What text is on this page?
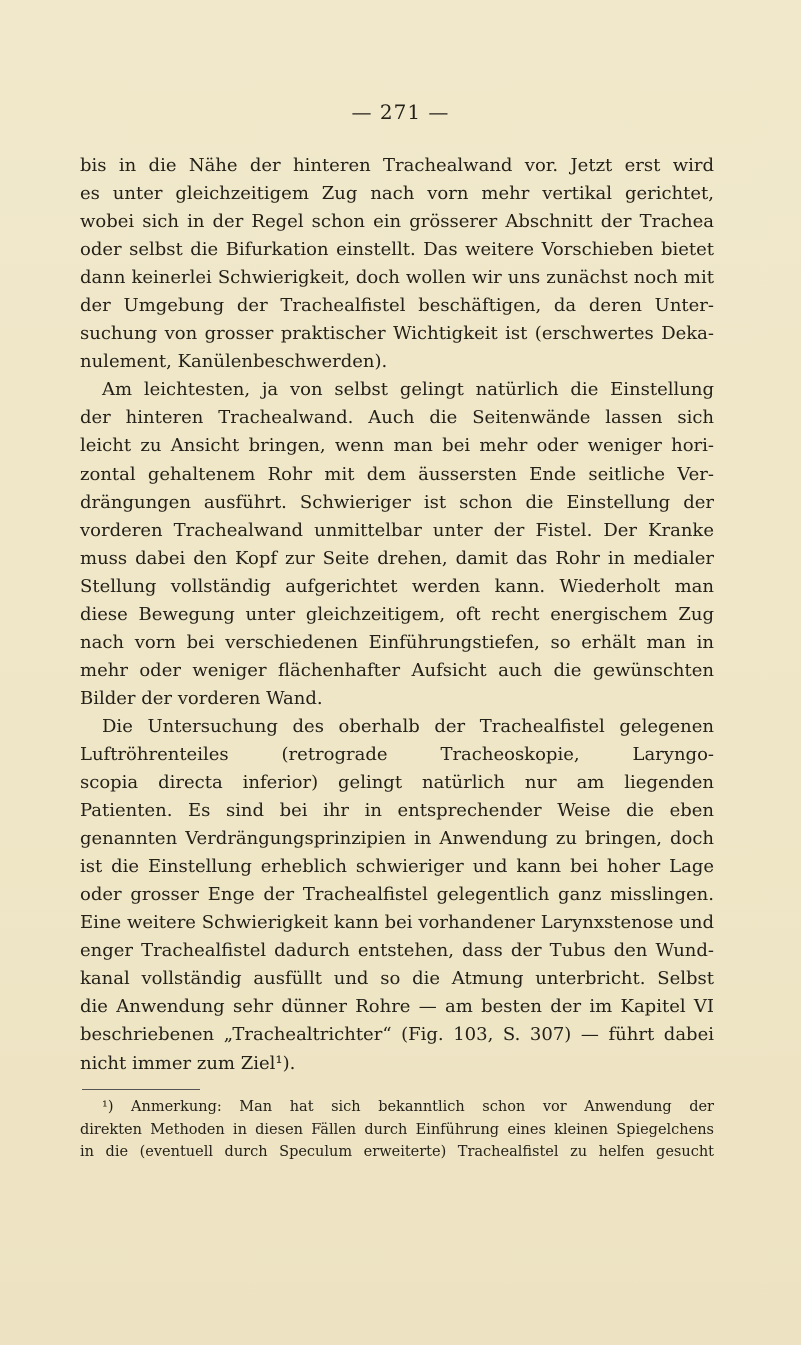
— 271 —
bis in die Nähe der hinteren Trachealwand vor. Jetzt erst wird
es unter gleichzeitigem Zug nach vorn mehr vertikal gerichtet,
wobei sich in der Regel schon ein grösserer Abschnitt der Trachea
oder selbst die Bifurkation einstellt. Das weitere Vorschieben bietet
dann keinerlei Schwierigkeit, doch wollen wir uns zunächst noch mit
der Umgebung der Trachealfistel beschäftigen, da deren Unter-
suchung von grosser praktischer Wichtigkeit ist (erschwertes Deka-
nulement, Kanülenbeschwerden).
Am leichtesten, ja von selbst gelingt natürlich die Einstellung
der hinteren Trachealwand. Auch die Seitenwände lassen sich
leicht zu Ansicht bringen, wenn man bei mehr oder weniger hori-
zontal gehaltenem Rohr mit dem äussersten Ende seitliche Ver-
drängungen ausführt. Schwieriger ist schon die Einstellung der
vorderen Trachealwand unmittelbar unter der Fistel. Der Kranke
muss dabei den Kopf zur Seite drehen, damit das Rohr in medialer
Stellung vollständig aufgerichtet werden kann. Wiederholt man
diese Bewegung unter gleichzeitigem, oft recht energischem Zug
nach vorn bei verschiedenen Einführungstiefen, so erhält man in
mehr oder weniger flächenhafter Aufsicht auch die gewünschten
Bilder der vorderen Wand.
Die Untersuchung des oberhalb der Trachealfistel gelegenen
Luftröhrenteiles (retrograde Tracheoskopie, Laryngo-
scopia directa inferior) gelingt natürlich nur am liegenden
Patienten. Es sind bei ihr in entsprechender Weise die eben
genannten Verdrängungsprinzipien in Anwendung zu bringen, doch
ist die Einstellung erheblich schwieriger und kann bei hoher Lage
oder grosser Enge der Trachealfistel gelegentlich ganz misslingen.
Eine weitere Schwierigkeit kann bei vorhandener Larynxstenose und
enger Trachealfistel dadurch entstehen, dass der Tubus den Wund-
kanal vollständig ausfüllt und so die Atmung unterbricht. Selbst
die Anwendung sehr dünner Rohre — am besten der im Kapitel VI
beschriebenen „Trachealtrichter“ (Fig. 103, S. 307) — führt dabei
nicht immer zum Ziel¹).
¹) Anmerkung: Man hat sich bekanntlich schon vor Anwendung der
direkten Methoden in diesen Fällen durch Einführung eines kleinen Spiegelchens
in die (eventuell durch Speculum erweiterte) Trachealfistel zu helfen gesucht
